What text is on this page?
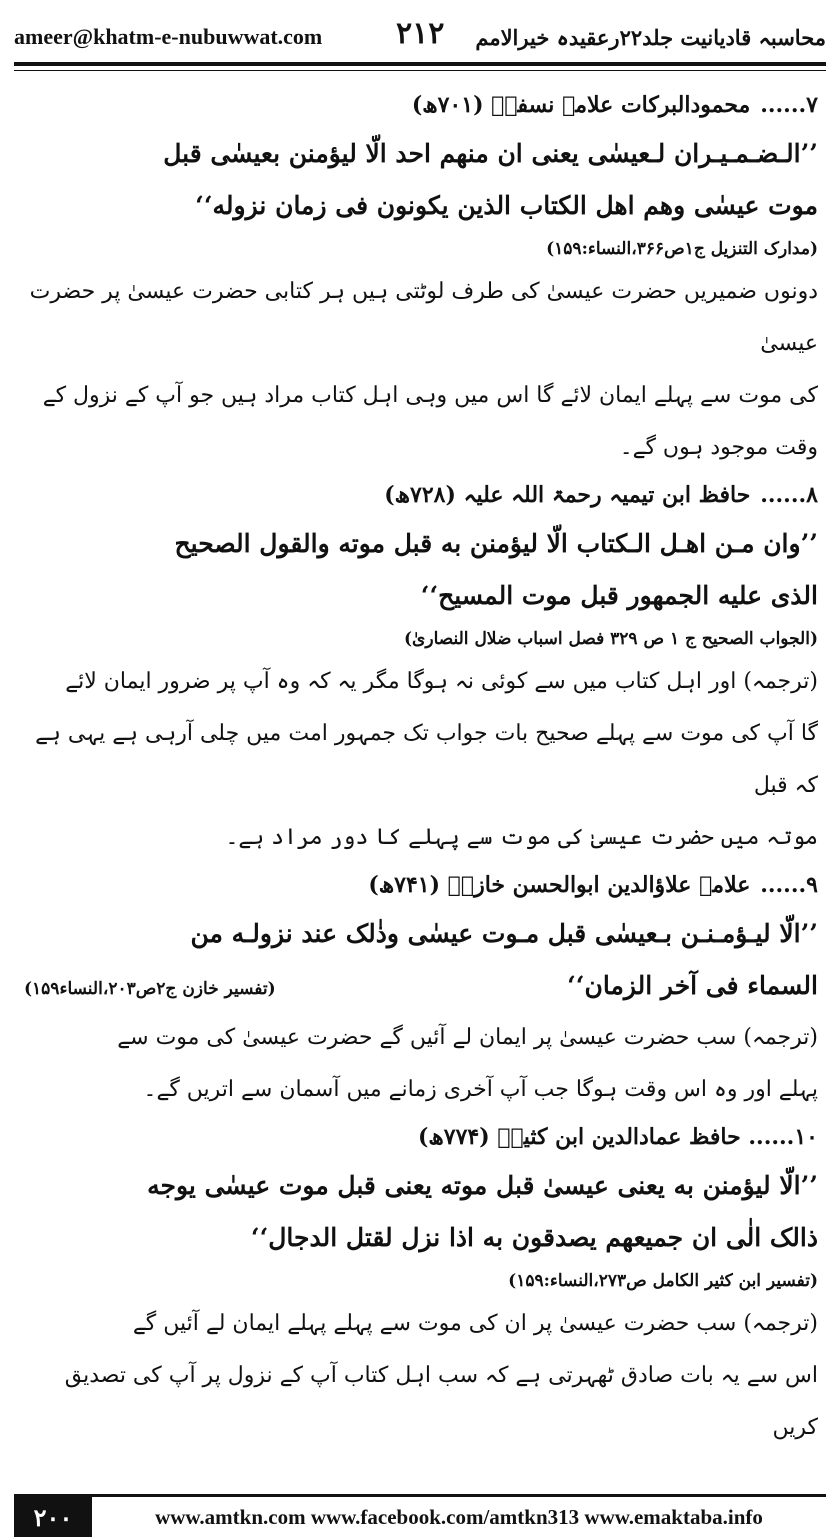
ameer@khatm-e-nubuwwat.com ۲۱۲ محاسبہ قادیانیت جلد۲۲رعقیدہ خیرالامم

۷...... محمودالبرکات علامہ نسفیؒ (۷۰۱ھ)

’’الـضـمـيـران لـعيسٰى يعنى ان منهم احد الّا ليؤمنن بعيسٰى قبل

موت عيسٰى وهم اهل الكتاب الذين يكونون فى زمان نزوله‘‘

(مدارک التنزیل ج۱ص۳۶۶،النساء:۱۵۹)

دونوں ضمیریں حضرت عیسیٰ کی طرف لوٹتی ہیں ہر کتابی حضرت عیسیٰ پر حضرت عیسیٰ

کی موت سے پہلے ایمان لائے گا اس میں وہی اہل کتاب مراد ہیں جو آپ کے نزول کے

وقت موجود ہوں گے۔

۸...... حافظ ابن تیمیہ رحمۃ اللہ علیہ (۷۲۸ھ)

’’وان مـن اهـل الـكتاب الّا ليؤمنن به قبل موته والقول الصحيح

الذى عليه الجمهور قبل موت المسيح‘‘

(الجواب الصحيح ج ۱ ص ۳۲۹ فصل اسباب ضلال النصارىٰ)

(ترجمہ) اور اہل کتاب میں سے کوئی نہ ہوگا مگر یہ کہ وہ آپ پر ضرور ایمان لائے

گا آپ کی موت سے پہلے صحیح بات جواب تک جمہور امت میں چلی آرہی ہے یہی ہے کہ قبل

موتہ میں حضرت عیسیٰ کی موت سے پہلے کا دور مراد ہے۔

۹...... علامہ علاؤالدین ابوالحسن خازنؒ (۷۴۱ھ)

’’الّا ليـؤمـنـن بـعيسٰى قبل مـوت عيسٰى وذٰلک عند نزولـه من

السماء فى آخر الزمان‘‘
(تفسیر خازن ج۲ص۲۰۳،النساء۱۵۹)

(ترجمہ) سب حضرت عیسیٰ پر ایمان لے آئیں گے حضرت عیسیٰ کی موت سے

پہلے اور وہ اس وقت ہوگا جب آپ آخری زمانے میں آسمان سے اتریں گے۔

۱۰...... حافظ عمادالدین ابن کثیرؒ (۷۷۴ھ)

’’الّا ليؤمنن به يعنى عيسىٰ قبل موته يعنى قبل موت عيسٰى يوجه

ذالک الٰى ان جميعهم يصدقون به اذا نزل لقتل الدجال‘‘

(تفسیر ابن کثیر الکامل ص۲۷۳،النساء:۱۵۹)

(ترجمہ) سب حضرت عیسیٰ پر ان کی موت سے پہلے پہلے ایمان لے آئیں گے

اس سے یہ بات صادق ٹھہرتی ہے کہ سب اہل کتاب آپ کے نزول پر آپ کی تصدیق کریں

۲۰۰	www.amtkn.com www.facebook.com/amtkn313 www.emaktaba.info
